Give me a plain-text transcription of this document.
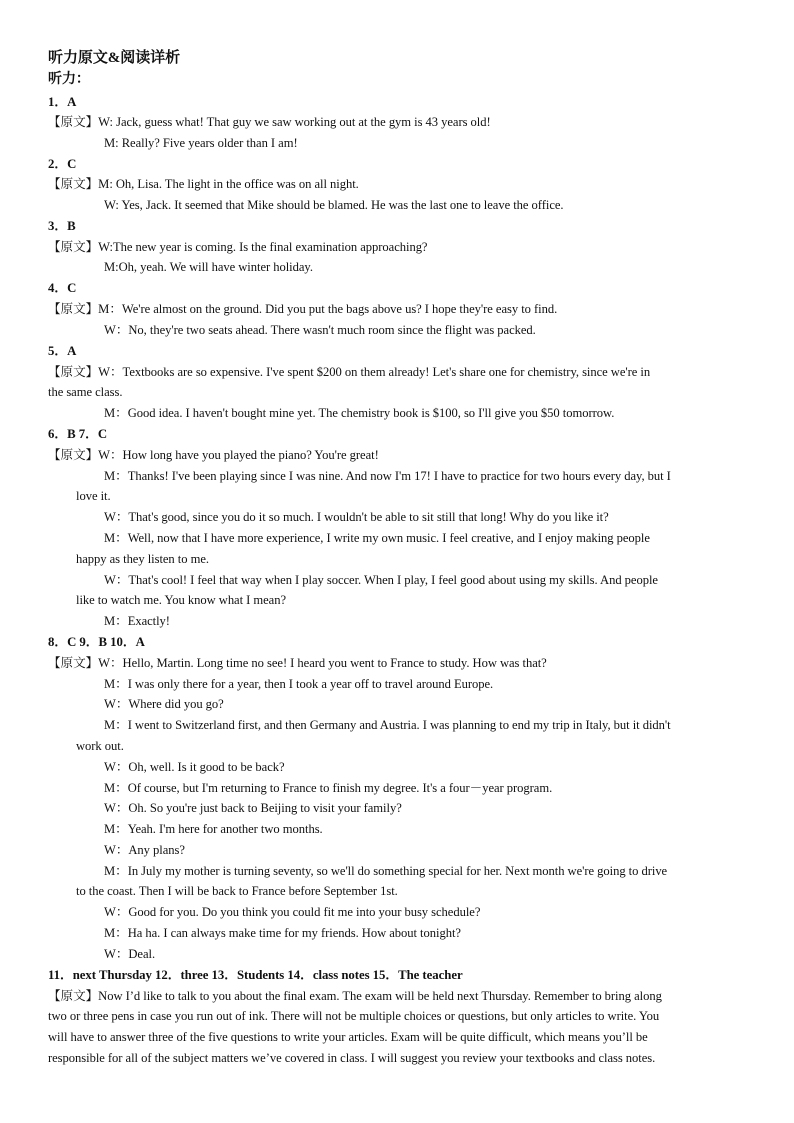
听力原文&阅读详析
听力：
1．A
【原文】W: Jack, guess what! That guy we saw working out at the gym is 43 years old!
M: Really? Five years older than I am!
2．C
【原文】M: Oh, Lisa. The light in the office was on all night.
W: Yes, Jack. It seemed that Mike should be blamed. He was the last one to leave the office.
3．B
【原文】W:The new year is coming. Is the final examination approaching?
M:Oh, yeah. We will have winter holiday.
4．C
【原文】M：We're almost on the ground. Did you put the bags above us? I hope they're easy to find.
W：No, they're two seats ahead. There wasn't much room since the flight was packed.
5．A
【原文】W：Textbooks are so expensive. I've spent $200 on them already! Let's share one for chemistry, since we're in
the same class.
M：Good idea. I haven't bought mine yet. The chemistry book is $100, so I'll give you $50 tomorrow.
6．B 7．C
【原文】W：How long have you played the piano? You're great!
M：Thanks! I've been playing since I was nine. And now I'm 17! I have to practice for two hours every day, but I
love it.
W：That's good, since you do it so much. I wouldn't be able to sit still that long! Why do you like it?
M：Well, now that I have more experience, I write my own music. I feel creative, and I enjoy making people
happy as they listen to me.
W：That's cool! I feel that way when I play soccer. When I play, I feel good about using my skills. And people
like to watch me. You know what I mean?
M：Exactly!
8．C 9．B 10．A
【原文】W：Hello, Martin. Long time no see! I heard you went to France to study. How was that?
M：I was only there for a year, then I took a year off to travel around Europe.
W：Where did you go?
M：I went to Switzerland first, and then Germany and Austria. I was planning to end my trip in Italy, but it didn't
work out.
W：Oh, well. Is it good to be back?
M：Of course, but I'm returning to France to finish my degree. It's a four－year program.
W：Oh. So you're just back to Beijing to visit your family?
M：Yeah. I'm here for another two months.
W：Any plans?
M：In July my mother is turning seventy, so we'll do something special for her. Next month we're going to drive
to the coast. Then I will be back to France before September 1st.
W：Good for you. Do you think you could fit me into your busy schedule?
M：Ha ha. I can always make time for my friends. How about tonight?
W：Deal.
11．next Thursday 12．three 13．Students 14．class notes 15．The teacher
【原文】Now I’d like to talk to you about the final exam. The exam will be held next Thursday. Remember to bring along
two or three pens in case you run out of ink. There will not be multiple choices or questions, but only articles to write. You
will have to answer three of the five questions to write your articles. Exam will be quite difficult, which means you’ll be
responsible for all of the subject matters we’ve covered in class. I will suggest you review your textbooks and class notes.
